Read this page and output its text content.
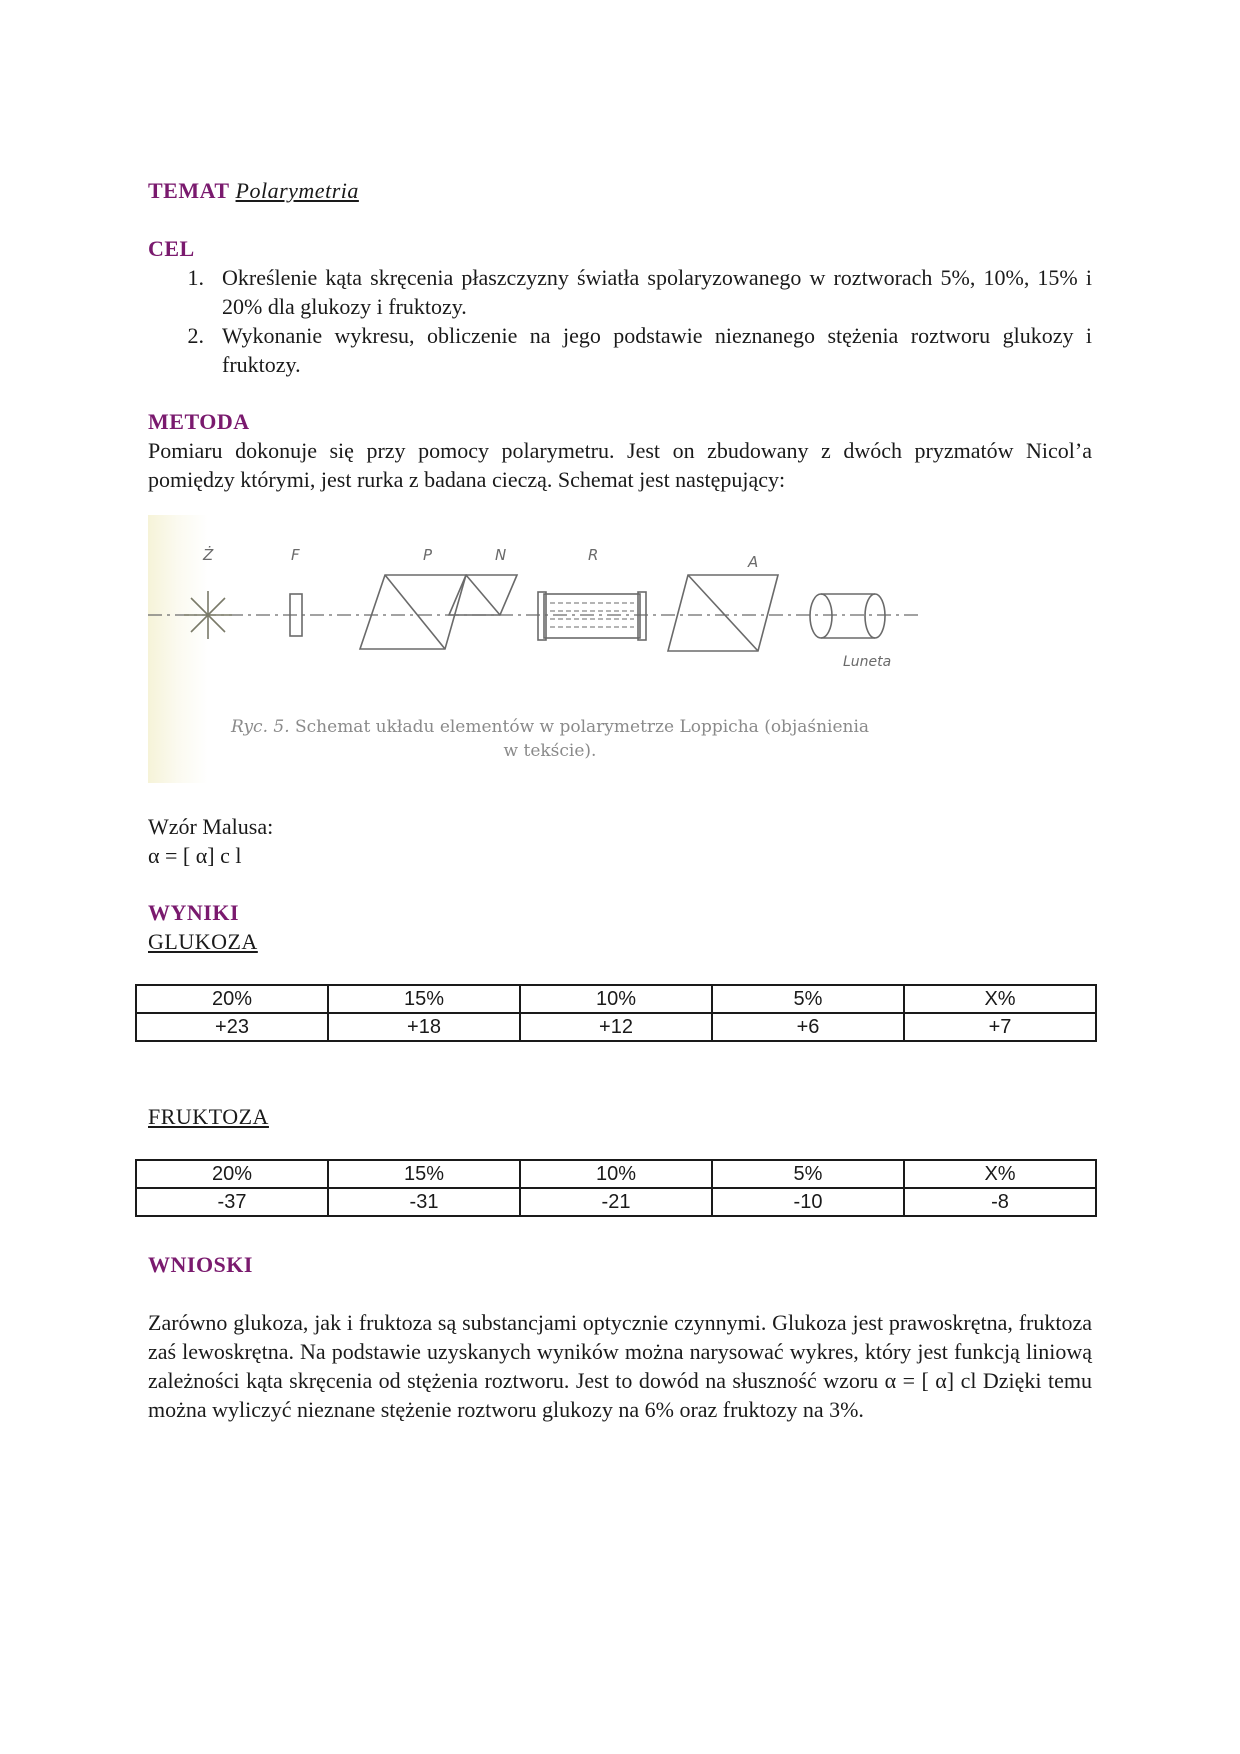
TEMAT Polarymetria
CEL
1. Określenie kąta skręcenia płaszczyzny światła spolaryzowanego w roztworach 5%, 10%, 15% i 20% dla glukozy i fruktozy.
2. Wykonanie wykresu, obliczenie na jego podstawie nieznanego stężenia roztworu glukozy i fruktozy.
METODA
Pomiaru dokonuje się przy pomocy polarymetru. Jest on zbudowany z dwóch pryzmatów Nicol’a pomiędzy którymi, jest rurka z badana cieczą. Schemat jest następujący:
Ż	F	P	N	R	A
Luneta
Ryc. 5. Schemat układu elementów w polarymetrze Loppicha (objaśnienia
w tekście).
Wzór Malusa:
α = [ α] c l
WYNIKI
GLUKOZA
20%	15%	10%	5%	X%
+23	+18	+12	+6	+7
FRUKTOZA
20%	15%	10%	5%	X%
-37	-31	-21	-10	-8
WNIOSKI
Zarówno glukoza, jak i fruktoza są substancjami optycznie czynnymi. Glukoza jest prawoskrętna, fruktoza zaś lewoskrętna. Na podstawie uzyskanych wyników można narysować wykres, który jest funkcją liniową zależności kąta skręcenia od stężenia roztworu. Jest to dowód na słuszność wzoru α = [ α] cl Dzięki temu można wyliczyć nieznane stężenie roztworu glukozy na 6% oraz fruktozy na 3%.
